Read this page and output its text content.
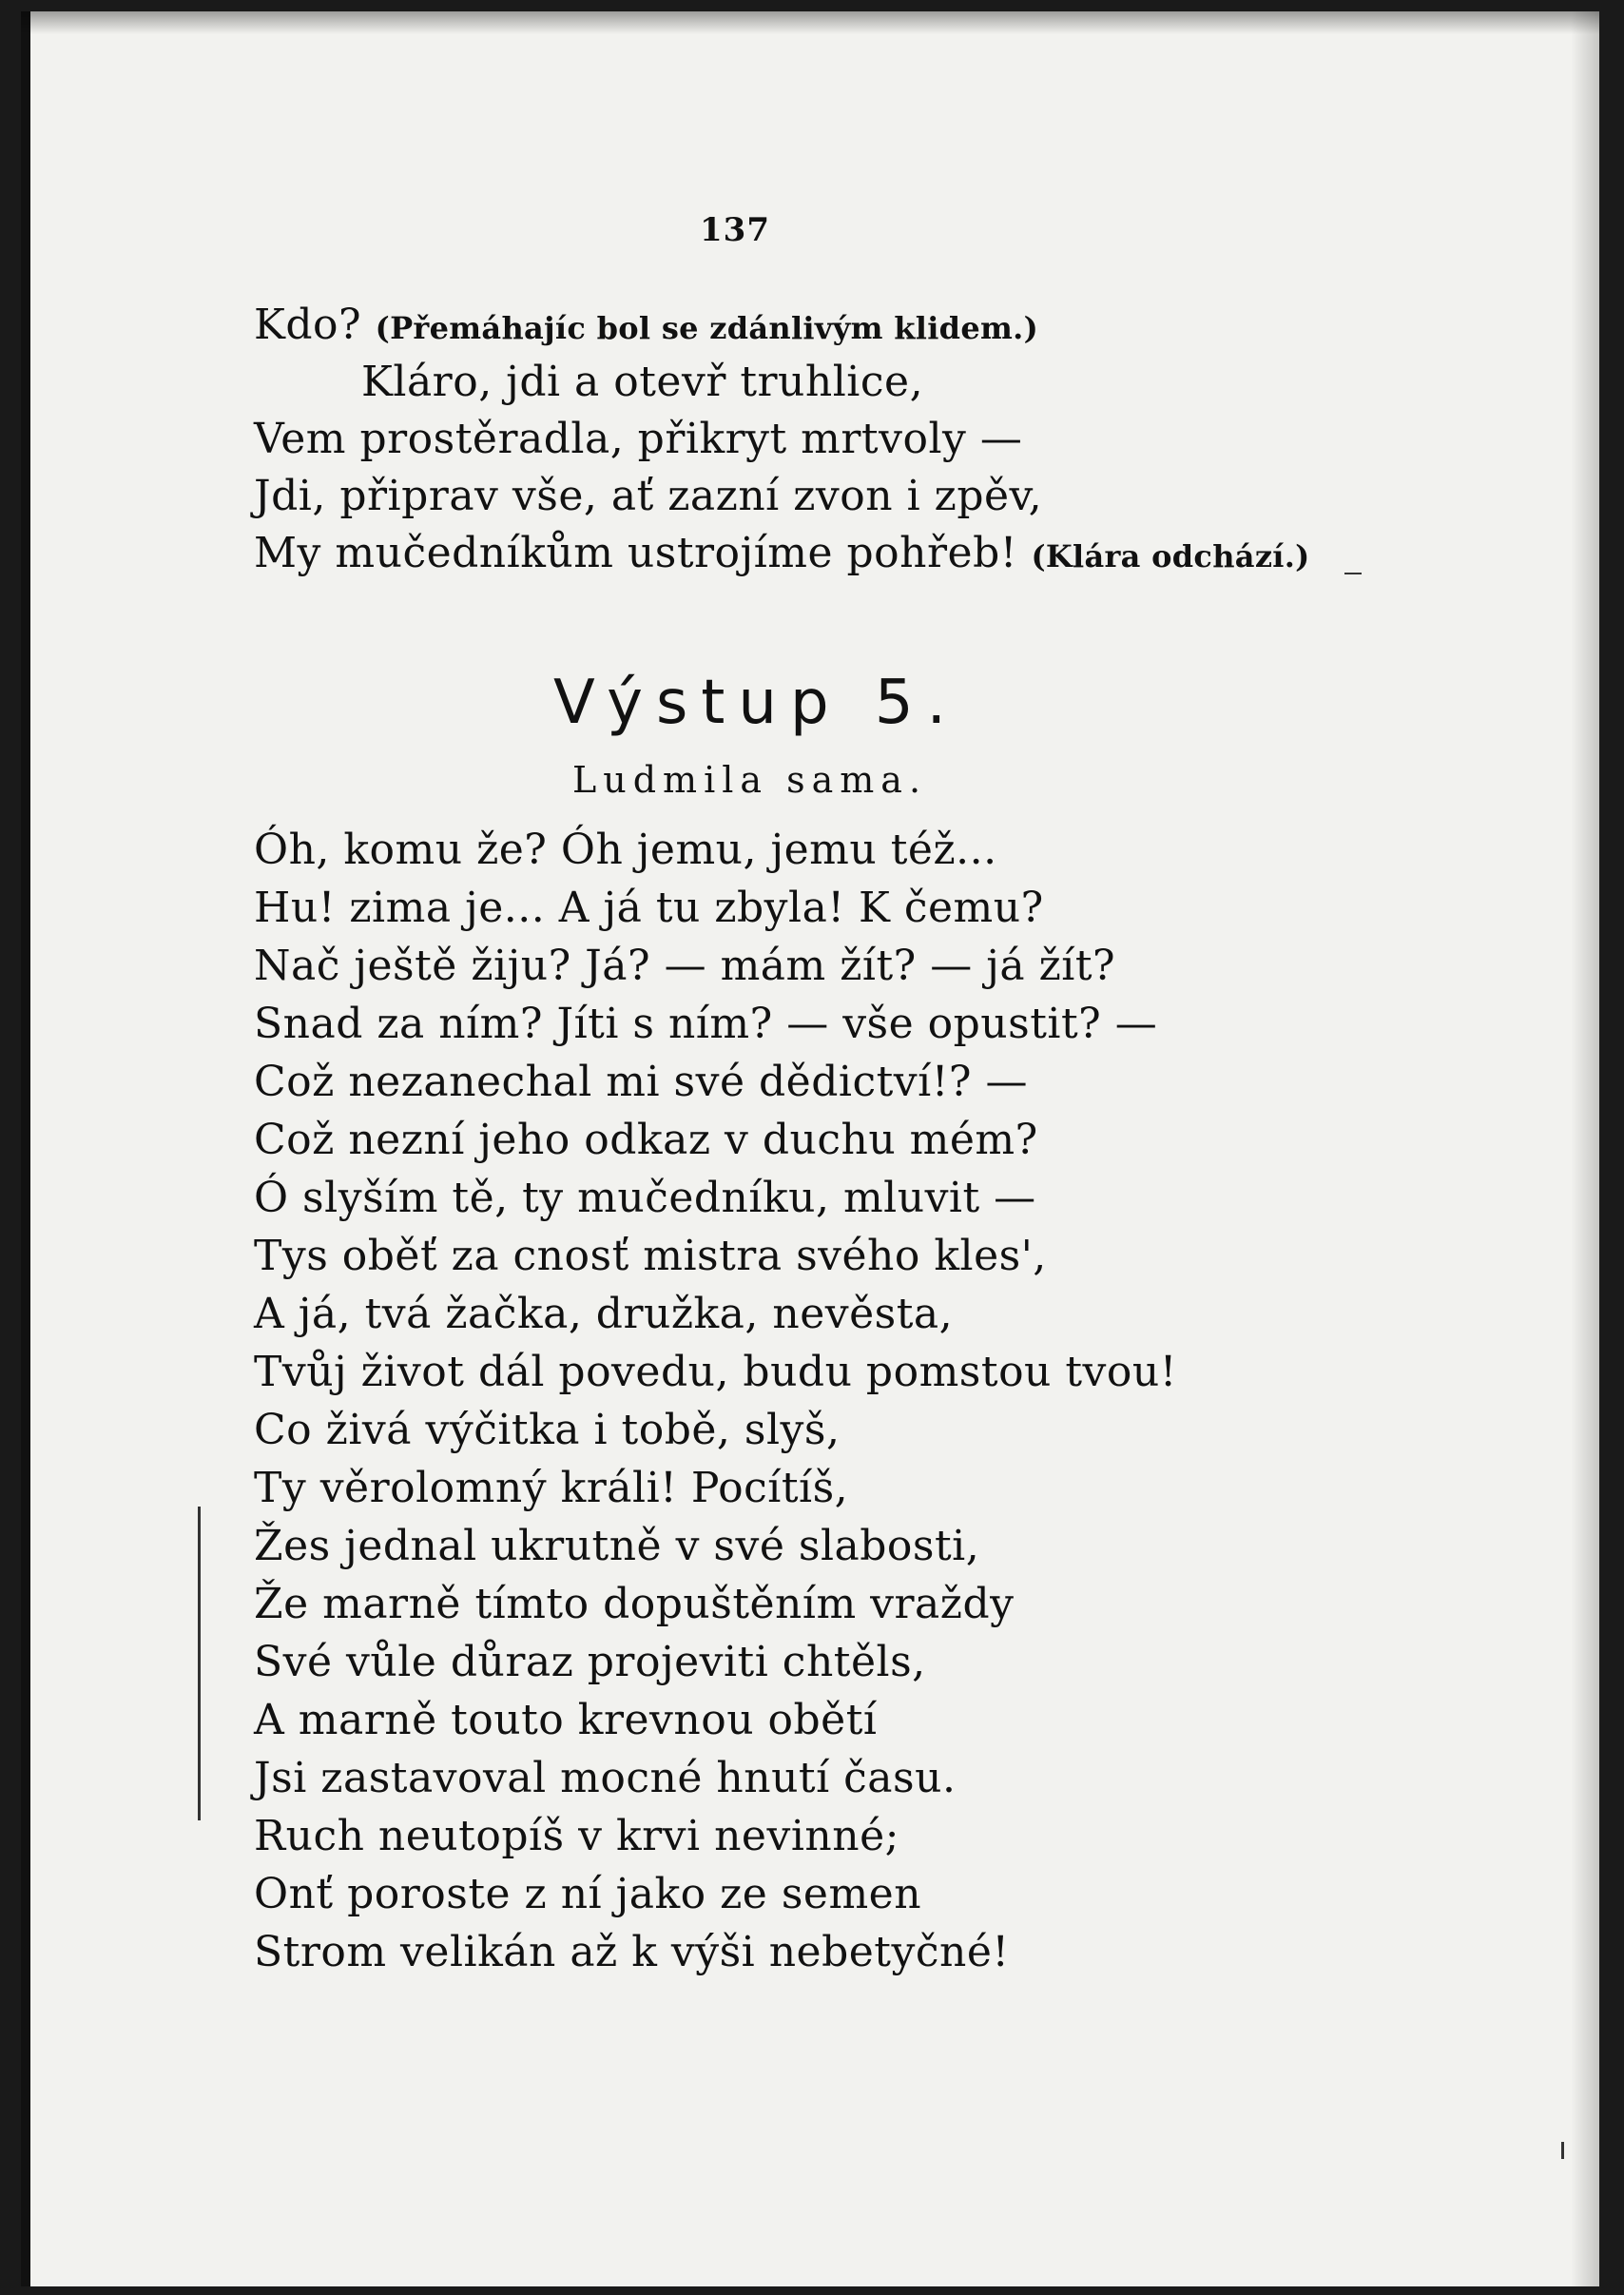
137
Kdo? (Přemáhajíc bol se zdánlivým klidem.)
Kláro, jdi a otevř truhlice,
Vem prostěradla, přikryt mrtvoly —
Jdi, připrav vše, ať zazní zvon i zpěv,
My mučedníkům ustrojíme pohřeb! (Klára odchází.)
Výstup 5.
Ludmila sama.
Óh, komu že? Óh jemu, jemu též...
Hu! zima je... A já tu zbyla! K čemu?
Nač ještě žiju? Já? — mám žít? — já žít?
Snad za ním? Jíti s ním? — vše opustit? —
Což nezanechal mi své dědictví!? —
Což nezní jeho odkaz v duchu mém?
Ó slyším tě, ty mučedníku, mluvit —
Tys oběť za cnosť mistra svého kles',
A já, tvá žačka, družka, nevěsta,
Tvůj život dál povedu, budu pomstou tvou!
Co živá výčitka i tobě, slyš,
Ty věrolomný králi! Pocítíš,
Žes jednal ukrutně v své slabosti,
Že marně tímto dopuštěním vraždy
Své vůle důraz projeviti chtěls,
A marně touto krevnou obětí
Jsi zastavoval mocné hnutí času.
Ruch neutopíš v krvi nevinné;
Onť poroste z ní jako ze semen
Strom velikán až k výši nebetyčné!
